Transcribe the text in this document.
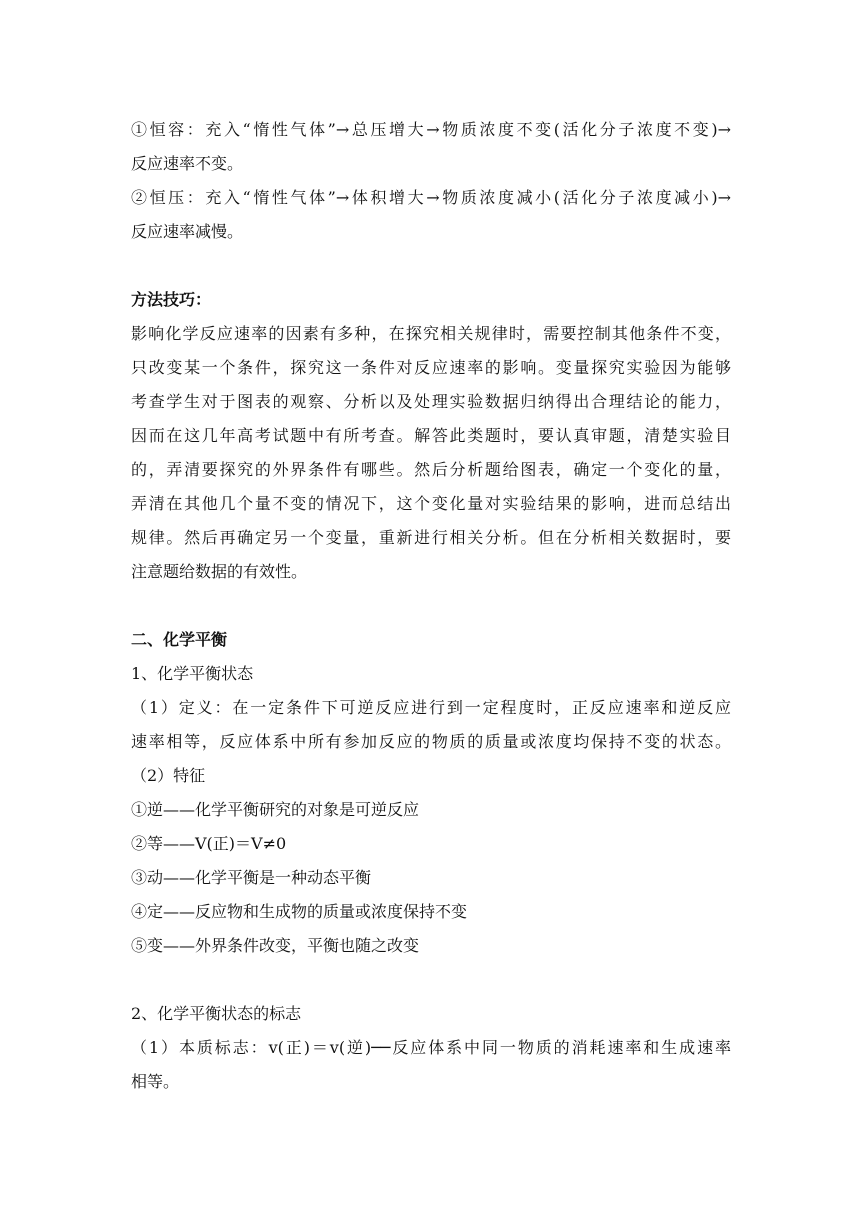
①恒容：充入“惰性气体”→总压增大→物质浓度不变(活化分子浓度不变)→
反应速率不变。
②恒压：充入“惰性气体”→体积增大→物质浓度减小(活化分子浓度减小)→
反应速率减慢。
方法技巧：
影响化学反应速率的因素有多种，在探究相关规律时，需要控制其他条件不变，
只改变某一个条件，探究这一条件对反应速率的影响。变量探究实验因为能够
考查学生对于图表的观察、分析以及处理实验数据归纳得出合理结论的能力，
因而在这几年高考试题中有所考查。解答此类题时，要认真审题，清楚实验目
的，弄清要探究的外界条件有哪些。然后分析题给图表，确定一个变化的量，
弄清在其他几个量不变的情况下，这个变化量对实验结果的影响，进而总结出
规律。然后再确定另一个变量，重新进行相关分析。但在分析相关数据时，要
注意题给数据的有效性。
二、化学平衡
1、化学平衡状态
（1）定义：在一定条件下可逆反应进行到一定程度时，正反应速率和逆反应
速率相等，反应体系中所有参加反应的物质的质量或浓度均保持不变的状态。
（2）特征
①逆——化学平衡研究的对象是可逆反应
②等——V(正)＝V≠0
③动——化学平衡是一种动态平衡
④定——反应物和生成物的质量或浓度保持不变
⑤变——外界条件改变，平衡也随之改变
2、化学平衡状态的标志
（1）本质标志：v(正)＝v(逆)──反应体系中同一物质的消耗速率和生成速率
相等。
